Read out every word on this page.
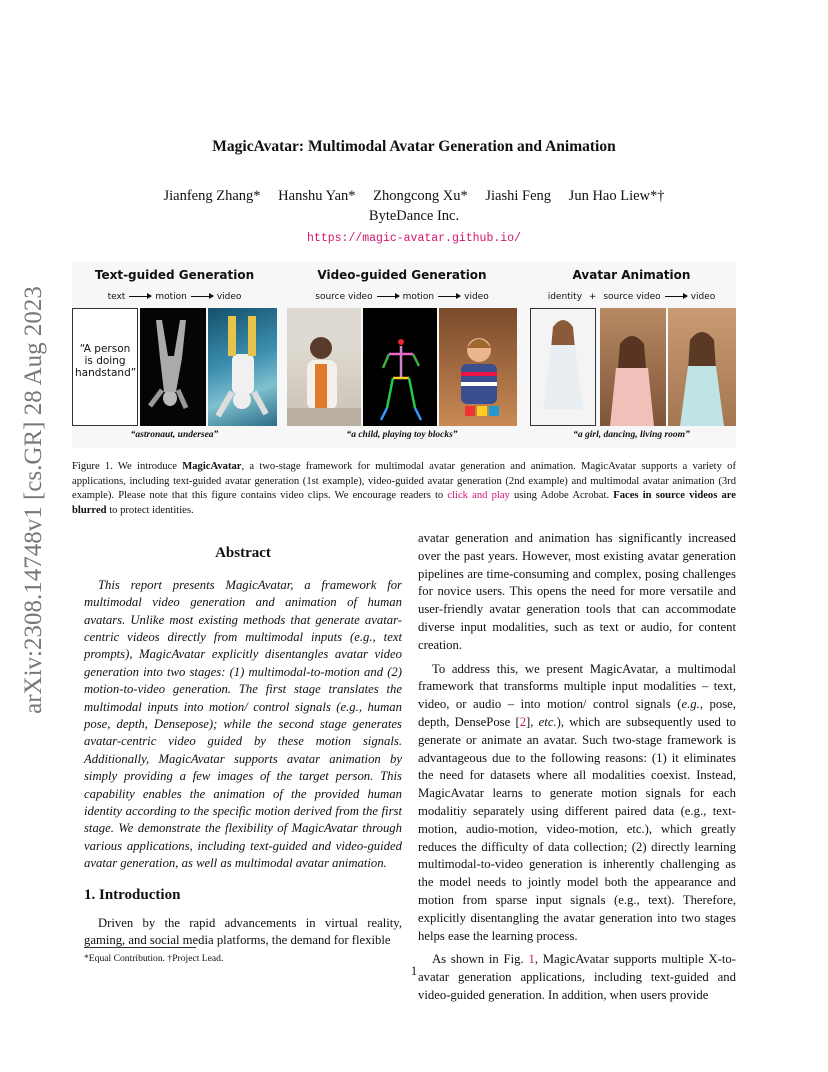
arXiv:2308.14748v1 [cs.GR] 28 Aug 2023
MagicAvatar: Multimodal Avatar Generation and Animation
Jianfeng Zhang* Hanshu Yan* Zhongcong Xu* Jiashi Feng Jun Hao Liew*†
ByteDance Inc.
https://magic-avatar.github.io/
Text-guided Generation
text	motion	video
“A person is doing handstand”
“astronaut, undersea”
Video-guided Generation
source video	motion	video
“a child, playing toy blocks”
Avatar Animation
identity + source video	video
“a girl, dancing, living room”
Figure 1. We introduce MagicAvatar, a two-stage framework for multimodal avatar generation and animation. MagicAvatar supports a variety of applications, including text-guided avatar generation (1st example), video-guided avatar generation (2nd example) and multimodal avatar animation (3rd example). Please note that this figure contains video clips. We encourage readers to click and play using Adobe Acrobat. Faces in source videos are blurred to protect identities.
Abstract
This report presents MagicAvatar, a framework for multimodal video generation and animation of human avatars. Unlike most existing methods that generate avatar-centric videos directly from multimodal inputs (e.g., text prompts), MagicAvatar explicitly disentangles avatar video generation into two stages: (1) multimodal-to-motion and (2) motion-to-video generation. The first stage translates the multimodal inputs into motion/ control signals (e.g., human pose, depth, Densepose); while the second stage generates avatar-centric video guided by these motion signals. Additionally, MagicAvatar supports avatar animation by simply providing a few images of the target person. This capability enables the animation of the provided human identity according to the specific motion derived from the first stage. We demonstrate the flexibility of MagicAvatar through various applications, including text-guided and video-guided avatar generation, as well as multimodal avatar animation.
1. Introduction
Driven by the rapid advancements in virtual reality, gaming, and social media platforms, the demand for flexible
*Equal Contribution. †Project Lead.
avatar generation and animation has significantly increased over the past years. However, most existing avatar generation pipelines are time-consuming and complex, posing challenges for novice users. This opens the need for more versatile and user-friendly avatar generation tools that can accommodate diverse input modalities, such as text or audio, for content creation.
To address this, we present MagicAvatar, a multimodal framework that transforms multiple input modalities – text, video, or audio – into motion/ control signals (e.g., pose, depth, DensePose [2], etc.), which are subsequently used to generate or animate an avatar. Such two-stage framework is advantageous due to the following reasons: (1) it eliminates the need for datasets where all modalities coexist. Instead, MagicAvatar learns to generate motion signals for each modalitiy separately using different paired data (e.g., text-motion, audio-motion, video-motion, etc.), which greatly reduces the difficulty of data collection; (2) directly learning multimodal-to-video generation is inherently challenging as the model needs to jointly model both the appearance and motion from sparse input signals (e.g., text). Therefore, explicitly disentangling the avatar generation into two stages helps ease the learning process.
As shown in Fig. 1, MagicAvatar supports multiple X-to-avatar generation applications, including text-guided and video-guided generation. In addition, when users provide
1
